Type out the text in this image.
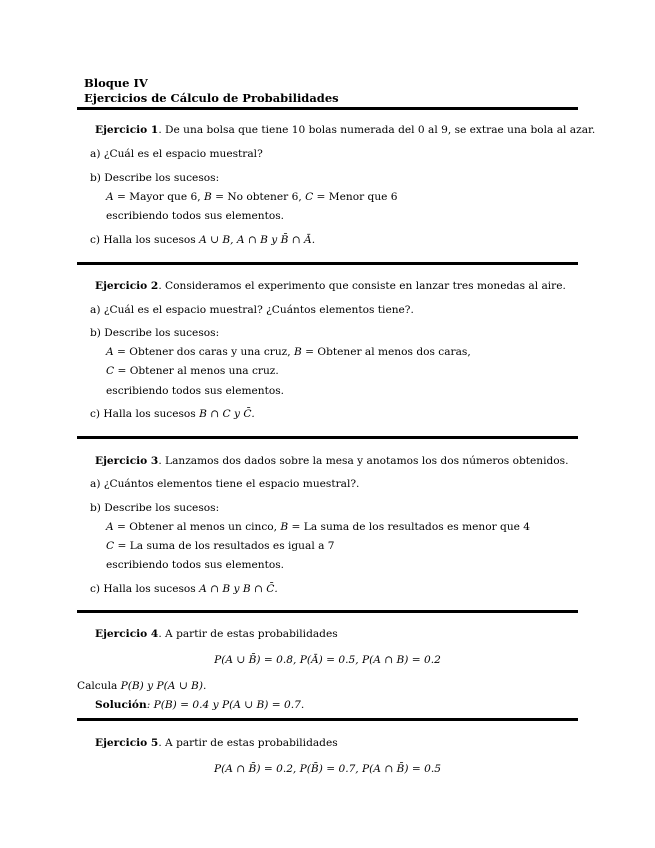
Bloque IV
Ejercicios de Cálculo de Probabilidades
Ejercicio 1. De una bolsa que tiene 10 bolas numerada del 0 al 9, se extrae una bola al azar.
a) ¿Cuál es el espacio muestral?
b) Describe los sucesos:
A = Mayor que 6, B = No obtener 6, C = Menor que 6
escribiendo todos sus elementos.
c) Halla los sucesos A ∪ B, A ∩ B y B̄ ∩ Ā.
Ejercicio 2. Consideramos el experimento que consiste en lanzar tres monedas al aire.
a) ¿Cuál es el espacio muestral? ¿Cuántos elementos tiene?.
b) Describe los sucesos:
A = Obtener dos caras y una cruz, B = Obtener al menos dos caras,
C = Obtener al menos una cruz.
escribiendo todos sus elementos.
c) Halla los sucesos B ∩ C y C̄.
Ejercicio 3. Lanzamos dos dados sobre la mesa y anotamos los dos números obtenidos.
a) ¿Cuántos elementos tiene el espacio muestral?.
b) Describe los sucesos:
A = Obtener al menos un cinco, B = La suma de los resultados es menor que 4
C = La suma de los resultados es igual a 7
escribiendo todos sus elementos.
c) Halla los sucesos A ∩ B y B ∩ C̄.
Ejercicio 4. A partir de estas probabilidades
P(A ∪ B̄) = 0.8, P(Ā) = 0.5, P(A ∩ B) = 0.2
Calcula P(B) y P(A ∪ B).
Solución: P(B) = 0.4 y P(A ∪ B) = 0.7.
Ejercicio 5. A partir de estas probabilidades
P(A ∩ B̄) = 0.2, P(B̄) = 0.7, P(A ∩ B̄) = 0.5
